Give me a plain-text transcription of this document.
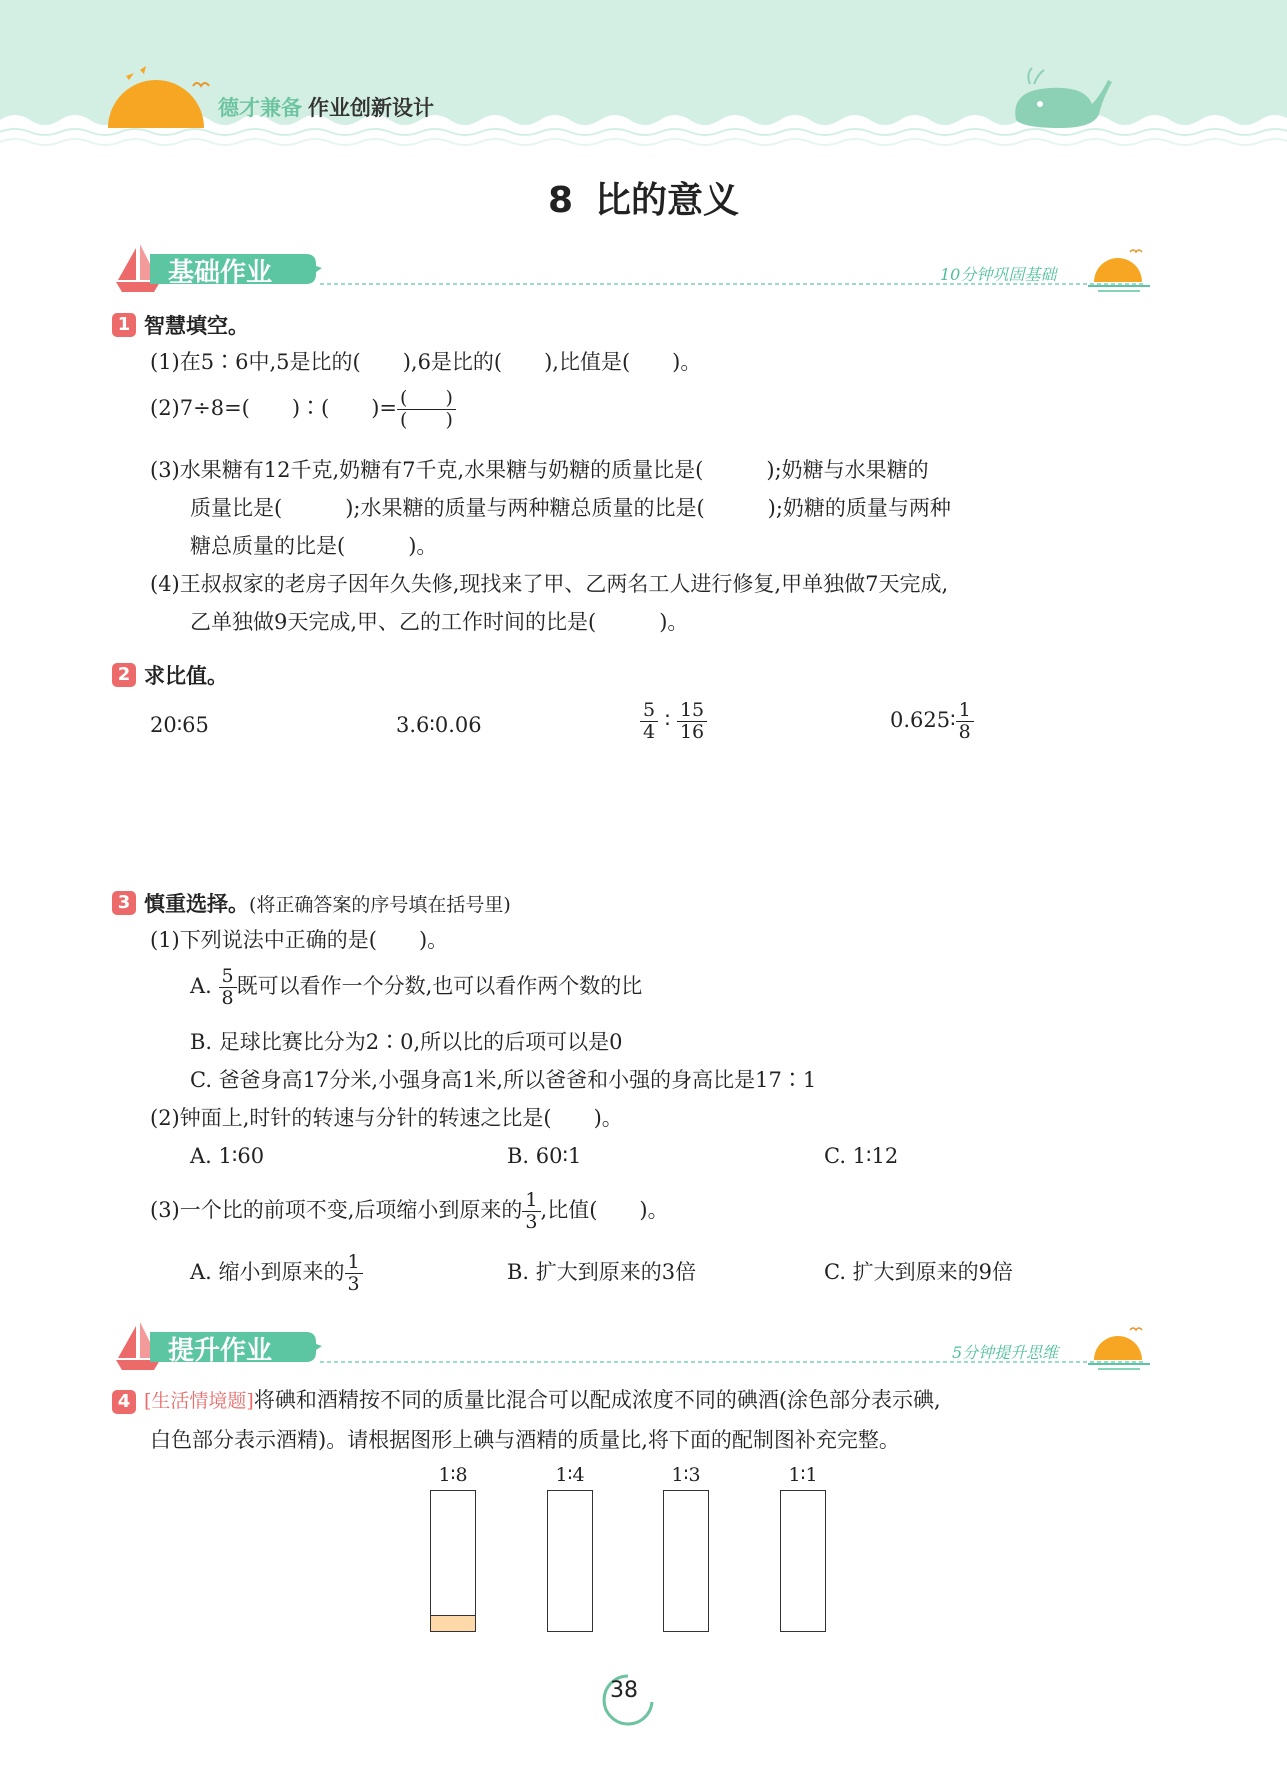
德才兼备 作业创新设计
8 比的意义
基础作业	10分钟巩固基础
1 智慧填空。
(1)在5∶6中,5是比的(　　),6是比的(　　),比值是(　　)。
(2)7÷8=(　　)∶(　　)= $\frac{( )}{( )}$
(3)水果糖有12千克,奶糖有7千克,水果糖与奶糖的质量比是(　　　);奶糖与水果糖的
质量比是(　　　);水果糖的质量与两种糖总质量的比是(　　　);奶糖的质量与两种
糖总质量的比是(　　　)。
(4)王叔叔家的老房子因年久失修,现找来了甲、乙两名工人进行修复,甲单独做7天完成,
乙单独做9天完成,甲、乙的工作时间的比是(　　　)。
2 求比值。
20∶65	3.6∶0.06	$\frac{5}{4}$ ∶ $\frac{15}{16}$	0.625∶ $\frac{1}{8}$
3 慎重选择。 (将正确答案的序号填在括号里)
(1)下列说法中正确的是(　　)。
A. $\frac{5}{8}$ 既可以看作一个分数,也可以看作两个数的比
B. 足球比赛比分为2∶0,所以比的后项可以是0
C. 爸爸身高17分米,小强身高1米,所以爸爸和小强的身高比是17∶1
(2)钟面上,时针的转速与分针的转速之比是(　　)。
A. 1∶60	B. 60∶1	C. 1∶12
(3)一个比的前项不变,后项缩小到原来的 $\frac{1}{3}$ ,比值(　　)。
A. 缩小到原来的 $\frac{1}{3}$	B. 扩大到原来的3倍	C. 扩大到原来的9倍
提升作业	5分钟提升思维
4 [生活情境题]将碘和酒精按不同的质量比混合可以配成浓度不同的碘酒(涂色部分表示碘,
白色部分表示酒精)。请根据图形上碘与酒精的质量比,将下面的配制图补充完整。
1∶8	1∶4	1∶3	1∶1
38
